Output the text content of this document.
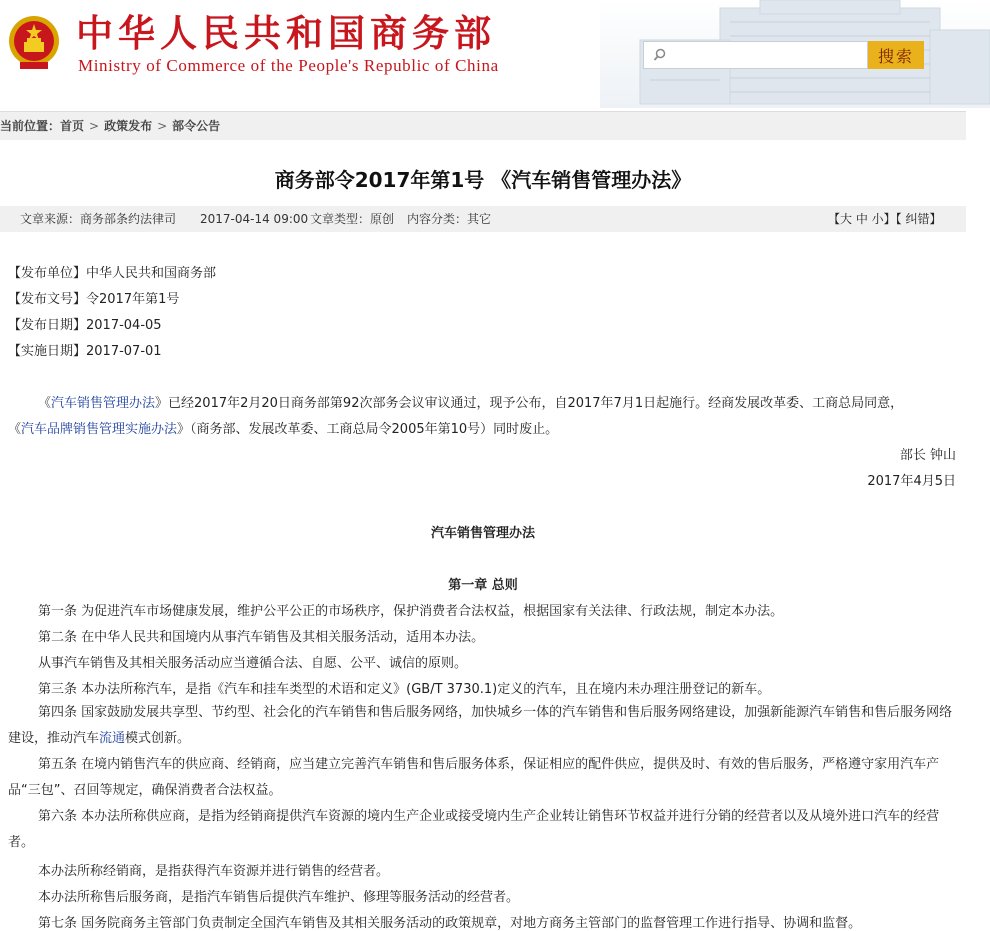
中华人民共和国商务部
Ministry of Commerce of the People's Republic of China	搜索
当前位置：首页 > 政策发布 > 部令公告
商务部令2017年第1号 《汽车销售管理办法》
文章来源：商务部条约法律司 2017-04-14 09:00 文章类型：原创 内容分类：其它	【大 中 小】【 纠错】
【发布单位】中华人民共和国商务部
【发布文号】令2017年第1号
【发布日期】2017-04-05
【实施日期】2017-07-01
《汽车销售管理办法》已经2017年2月20日商务部第92次部务会议审议通过，现予公布，自2017年7月1日起施行。经商发展改革委、工商总局同意，
《汽车品牌销售管理实施办法》（商务部、发展改革委、工商总局令2005年第10号）同时废止。
部长 钟山
2017年4月5日
汽车销售管理办法
第一章 总则
第一条 为促进汽车市场健康发展，维护公平公正的市场秩序，保护消费者合法权益，根据国家有关法律、行政法规，制定本办法。
第二条 在中华人民共和国境内从事汽车销售及其相关服务活动，适用本办法。
从事汽车销售及其相关服务活动应当遵循合法、自愿、公平、诚信的原则。
第三条 本办法所称汽车，是指《汽车和挂车类型的术语和定义》(GB/T 3730.1)定义的汽车，且在境内未办理注册登记的新车。
第四条 国家鼓励发展共享型、节约型、社会化的汽车销售和售后服务网络，加快城乡一体的汽车销售和售后服务网络建设，加强新能源汽车销售和售后服务网络建设，推动汽车流通模式创新。
第五条 在境内销售汽车的供应商、经销商，应当建立完善汽车销售和售后服务体系，保证相应的配件供应，提供及时、有效的售后服务，严格遵守家用汽车产品“三包”、召回等规定，确保消费者合法权益。
第六条 本办法所称供应商，是指为经销商提供汽车资源的境内生产企业或接受境内生产企业转让销售环节权益并进行分销的经营者以及从境外进口汽车的经营者。
本办法所称经销商，是指获得汽车资源并进行销售的经营者。
本办法所称售后服务商，是指汽车销售后提供汽车维护、修理等服务活动的经营者。
第七条 国务院商务主管部门负责制定全国汽车销售及其相关服务活动的政策规章，对地方商务主管部门的监督管理工作进行指导、协调和监督。
